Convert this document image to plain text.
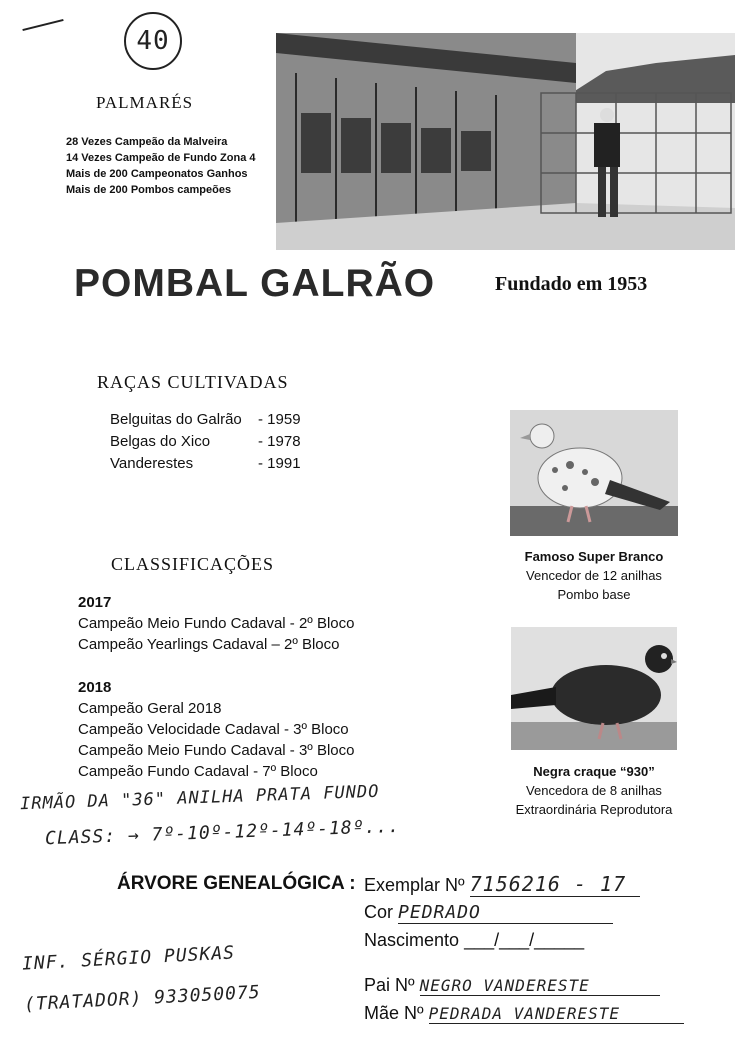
40
PALMARÉS
28 Vezes Campeão da Malveira
14 Vezes Campeão de Fundo Zona 4
Mais de 200 Campeonatos Ganhos
Mais de 200 Pombos campeões
POMBAL GALRÃO	Fundado em 1953
RAÇAS CULTIVADAS
Belguitas do Galrão - 1959
Belgas do Xico	- 1978
Vanderestes	- 1991
Famoso Super Branco
Vencedor de 12 anilhas
Pombo base
CLASSIFICAÇÕES
2017
Campeão Meio Fundo Cadaval - 2º Bloco
Campeão Yearlings Cadaval – 2º Bloco
2018
Campeão Geral 2018
Campeão Velocidade Cadaval - 3º Bloco
Campeão Meio Fundo Cadaval - 3º Bloco
Campeão Fundo Cadaval - 7º Bloco	Negra craque “930”
Vencedora de 8 anilhas
Extraordinária Reprodutora
IRMÃO DA "36" ANILHA PRATA FUNDO
CLASS: → 7º-10º-12º-14º-18º...
ÁRVORE GENEALÓGICA : Exemplar Nº 7156216 - 17
Cor PEDRADO
Nascimento ___/___/_____
Pai Nº NEGRO VANDERESTE
Mãe Nº PEDRADA VANDERESTE
INF. SÉRGIO PUSKAS
(TRATADOR) 933050075
